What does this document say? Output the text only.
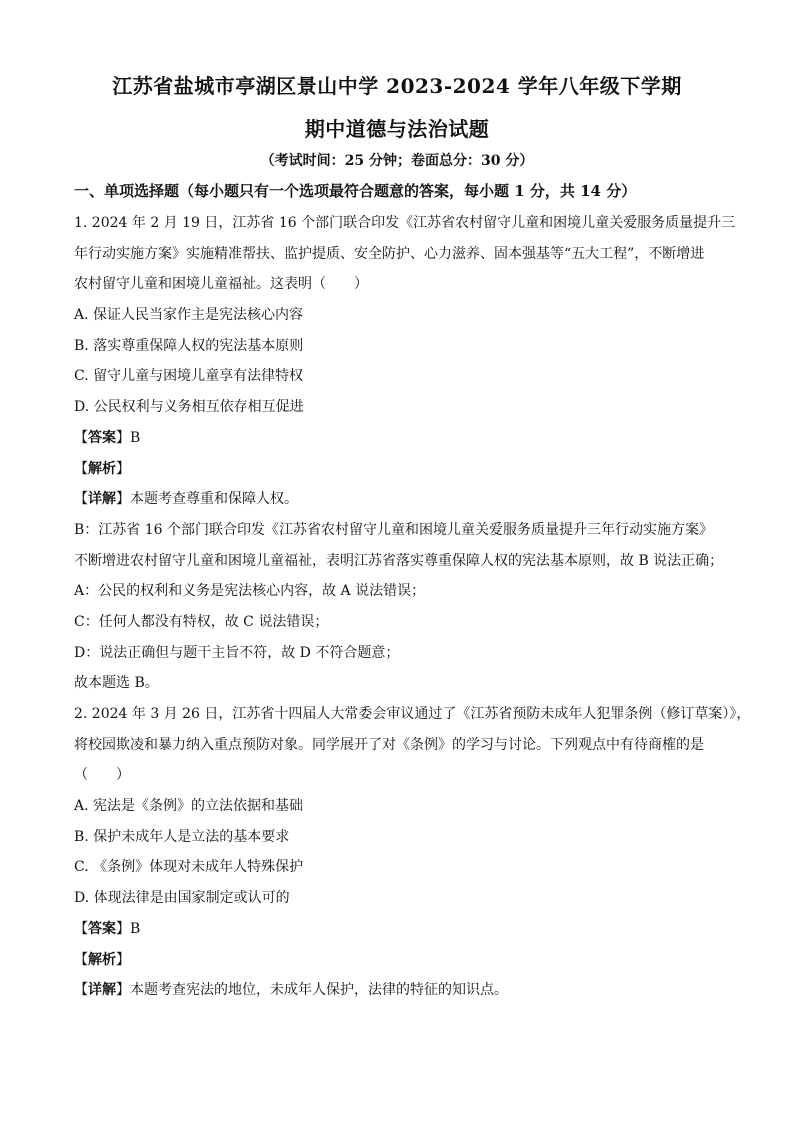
江苏省盐城市亭湖区景山中学 2023-2024 学年八年级下学期
期中道德与法治试题
（考试时间：25 分钟；卷面总分：30 分）
一、单项选择题（每小题只有一个选项最符合题意的答案，每小题 1 分，共 14 分）
1. 2024 年 2 月 19 日，江苏省 16 个部门联合印发《江苏省农村留守儿童和困境儿童关爱服务质量提升三
年行动实施方案》实施精准帮扶、监护提质、安全防护、心力滋养、固本强基等“五大工程”，不断增进
农村留守儿童和困境儿童福祉。这表明（　　）
A. 保证人民当家作主是宪法核心内容
B. 落实尊重保障人权的宪法基本原则
C. 留守儿童与困境儿童享有法律特权
D. 公民权利与义务相互依存相互促进
【答案】B
【解析】
【详解】本题考查尊重和保障人权。
B：江苏省 16 个部门联合印发《江苏省农村留守儿童和困境儿童关爱服务质量提升三年行动实施方案》
不断增进农村留守儿童和困境儿童福祉，表明江苏省落实尊重保障人权的宪法基本原则，故 B 说法正确；
A：公民的权利和义务是宪法核心内容，故 A 说法错误；
C：任何人都没有特权，故 C 说法错误；
D：说法正确但与题干主旨不符，故 D 不符合题意；
故本题选 B。
2. 2024 年 3 月 26 日，江苏省十四届人大常委会审议通过了《江苏省预防未成年人犯罪条例（修订草案）》，
将校园欺凌和暴力纳入重点预防对象。同学展开了对《条例》的学习与讨论。下列观点中有待商榷的是
（　　）
A. 宪法是《条例》的立法依据和基础
B. 保护未成年人是立法的基本要求
C. 《条例》体现对未成年人特殊保护
D. 体现法律是由国家制定或认可的
【答案】B
【解析】
【详解】本题考查宪法的地位，未成年人保护，法律的特征的知识点。
